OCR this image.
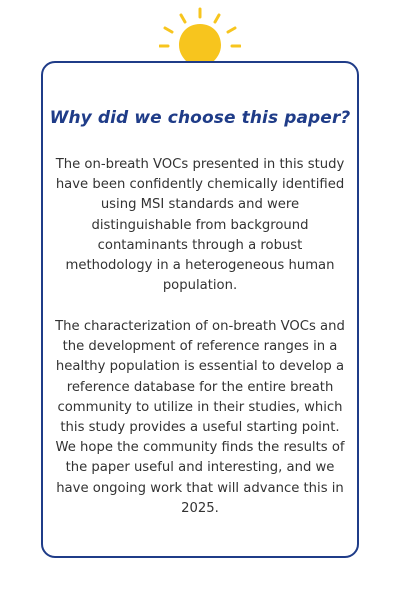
Why did we choose this paper?

The on-breath VOCs presented in this study have been confidently chemically identified using MSI standards and were distinguishable from background contaminants through a robust methodology in a heterogeneous human population.

The characterization of on-breath VOCs and the development of reference ranges in a healthy population is essential to develop a reference database for the entire breath community to utilize in their studies, which this study provides a useful starting point. We hope the community finds the results of the paper useful and interesting, and we have ongoing work that will advance this in 2025.
